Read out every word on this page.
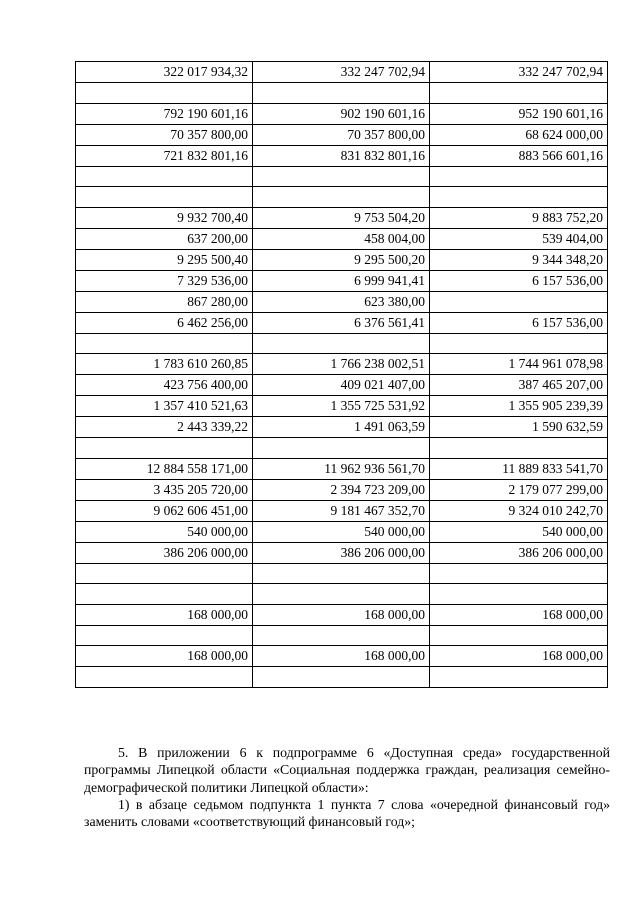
322 017 934,32	332 247 702,94	332 247 702,94

792 190 601,16	902 190 601,16	952 190 601,16
70 357 800,00	70 357 800,00	68 624 000,00
721 832 801,16	831 832 801,16	883 566 601,16

9 932 700,40	9 753 504,20	9 883 752,20
637 200,00	458 004,00	539 404,00
9 295 500,40	9 295 500,20	9 344 348,20
7 329 536,00	6 999 941,41	6 157 536,00
867 280,00	623 380,00	
6 462 256,00	6 376 561,41	6 157 536,00

1 783 610 260,85	1 766 238 002,51	1 744 961 078,98
423 756 400,00	409 021 407,00	387 465 207,00
1 357 410 521,63	1 355 725 531,92	1 355 905 239,39
2 443 339,22	1 491 063,59	1 590 632,59

12 884 558 171,00	11 962 936 561,70	11 889 833 541,70
3 435 205 720,00	2 394 723 209,00	2 179 077 299,00
9 062 606 451,00	9 181 467 352,70	9 324 010 242,70
540 000,00	540 000,00	540 000,00
386 206 000,00	386 206 000,00	386 206 000,00

168 000,00	168 000,00	168 000,00

168 000,00	168 000,00	168 000,00

5. В приложении 6 к подпрограмме 6 «Доступная среда» государственной программы Липецкой области «Социальная поддержка граждан, реализация семейно-демографической политики Липецкой области»:

1) в абзаце седьмом подпункта 1 пункта 7 слова «очередной финансовый год» заменить словами «соответствующий финансовый год»;
